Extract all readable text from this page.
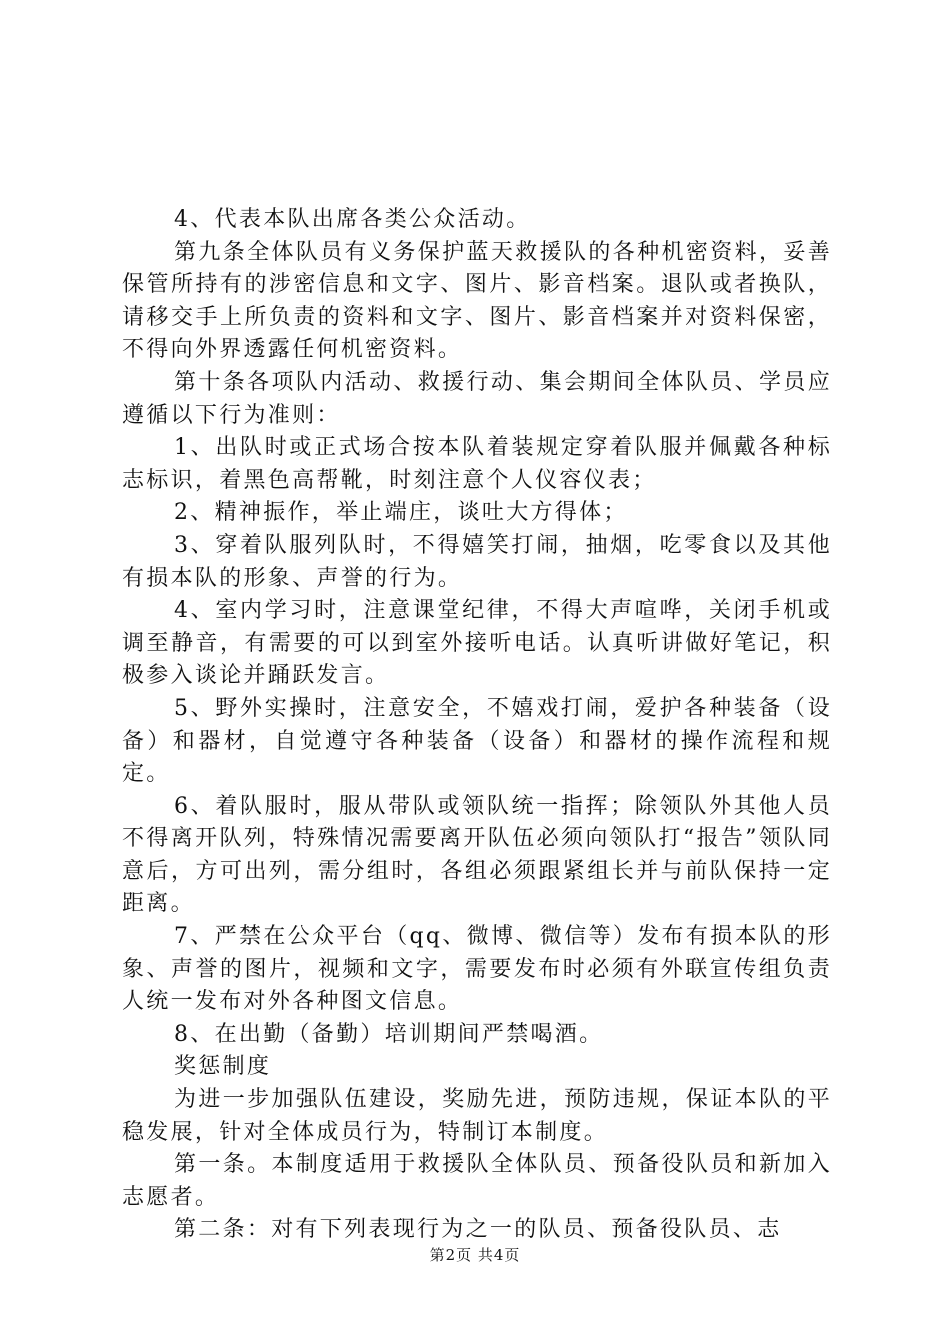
4、代表本队出席各类公众活动。

第九条全体队员有义务保护蓝天救援队的各种机密资料，妥善保管所持有的涉密信息和文字、图片、影音档案。退队或者换队，请移交手上所负责的资料和文字、图片、影音档案并对资料保密，不得向外界透露任何机密资料。

第十条各项队内活动、救援行动、集会期间全体队员、学员应遵循以下行为准则：

1、出队时或正式场合按本队着装规定穿着队服并佩戴各种标志标识，着黑色高帮靴，时刻注意个人仪容仪表；

2、精神振作，举止端庄，谈吐大方得体；

3、穿着队服列队时，不得嬉笑打闹，抽烟，吃零食以及其他有损本队的形象、声誉的行为。

4、室内学习时，注意课堂纪律，不得大声喧哗，关闭手机或调至静音，有需要的可以到室外接听电话。认真听讲做好笔记，积极参入谈论并踊跃发言。

5、野外实操时，注意安全，不嬉戏打闹，爱护各种装备（设备）和器材，自觉遵守各种装备（设备）和器材的操作流程和规定。

6、着队服时，服从带队或领队统一指挥；除领队外其他人员不得离开队列，特殊情况需要离开队伍必须向领队打“报告”领队同意后，方可出列，需分组时，各组必须跟紧组长并与前队保持一定距离。

7、严禁在公众平台（qq、微博、微信等）发布有损本队的形象、声誉的图片，视频和文字，需要发布时必须有外联宣传组负责人统一发布对外各种图文信息。

8、在出勤（备勤）培训期间严禁喝酒。

奖惩制度

为进一步加强队伍建设，奖励先进，预防违规，保证本队的平稳发展，针对全体成员行为，特制订本制度。

第一条。本制度适用于救援队全体队员、预备役队员和新加入志愿者。

第二条：对有下列表现行为之一的队员、预备役队员、志

第2页 共4页
